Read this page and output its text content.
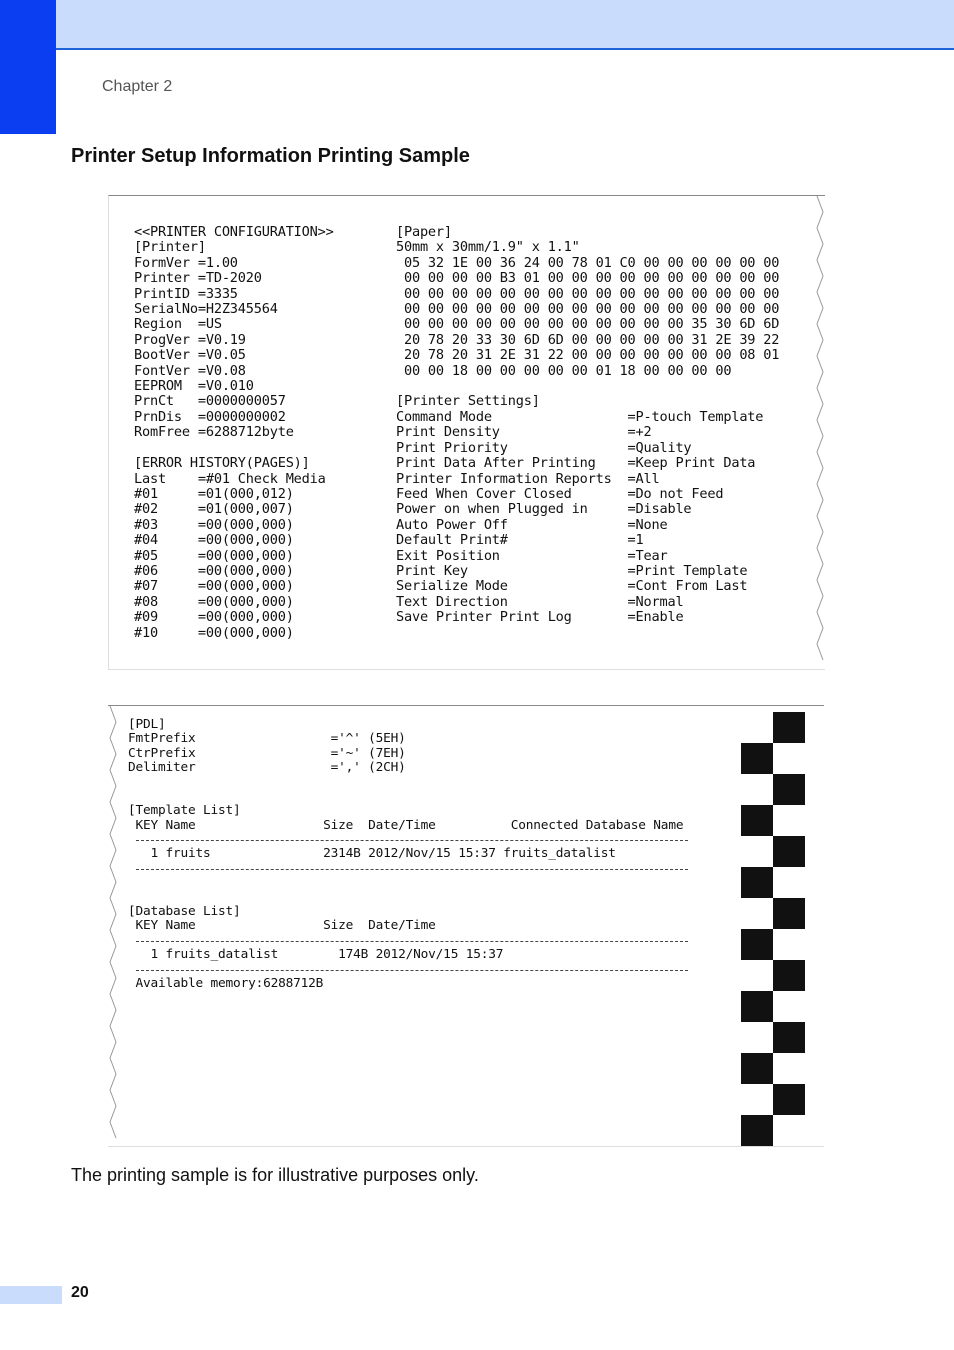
Chapter 2
Printer Setup Information Printing Sample
<<PRINTER CONFIGURATION>>
[Printer]
FormVer =1.00
Printer =TD-2020
PrintID =3335
SerialNo=H2Z345564
Region  =US
ProgVer =V0.19
BootVer =V0.05
FontVer =V0.08
EEPROM  =V0.010
PrnCt   =0000000057
PrnDis  =0000000002
RomFree =6288712byte

[ERROR HISTORY(PAGES)]
Last    =#01 Check Media
#01     =01(000,012)
#02     =01(000,007)
#03     =00(000,000)
#04     =00(000,000)
#05     =00(000,000)
#06     =00(000,000)
#07     =00(000,000)
#08     =00(000,000)
#09     =00(000,000)
#10     =00(000,000)
[Paper]
50mm x 30mm/1.9" x 1.1"
05 32 1E 00 36 24 00 78 01 C0 00 00 00 00 00 00
00 00 00 00 B3 01 00 00 00 00 00 00 00 00 00 00
00 00 00 00 00 00 00 00 00 00 00 00 00 00 00 00
00 00 00 00 00 00 00 00 00 00 00 00 00 00 00 00
00 00 00 00 00 00 00 00 00 00 00 00 35 30 6D 6D
20 78 20 33 30 6D 6D 00 00 00 00 00 31 2E 39 22
20 78 20 31 2E 31 22 00 00 00 00 00 00 00 08 01
00 00 18 00 00 00 00 00 01 18 00 00 00 00

[Printer Settings]
Command Mode                 =P-touch Template
Print Density                =+2
Print Priority               =Quality
Print Data After Printing    =Keep Print Data
Printer Information Reports  =All
Feed When Cover Closed       =Do not Feed
Power on when Plugged in     =Disable
Auto Power Off               =None
Default Print#               =1
Exit Position                =Tear
Print Key                    =Print Template
Serialize Mode               =Cont From Last
Text Direction               =Normal
Save Printer Print Log       =Enable
[PDL]
FmtPrefix                  ='^' (5EH)
CtrPrefix                  ='~' (7EH)
Delimiter                  =',' (2CH)

[Template List]
KEY Name                 Size  Date/Time          Connected Database Name
1 fruits               2314B 2012/Nov/15 15:37 fruits_datalist
[Database List]
KEY Name                 Size  Date/Time
1 fruits_datalist        174B 2012/Nov/15 15:37
Available memory:6288712B
The printing sample is for illustrative purposes only.
20
